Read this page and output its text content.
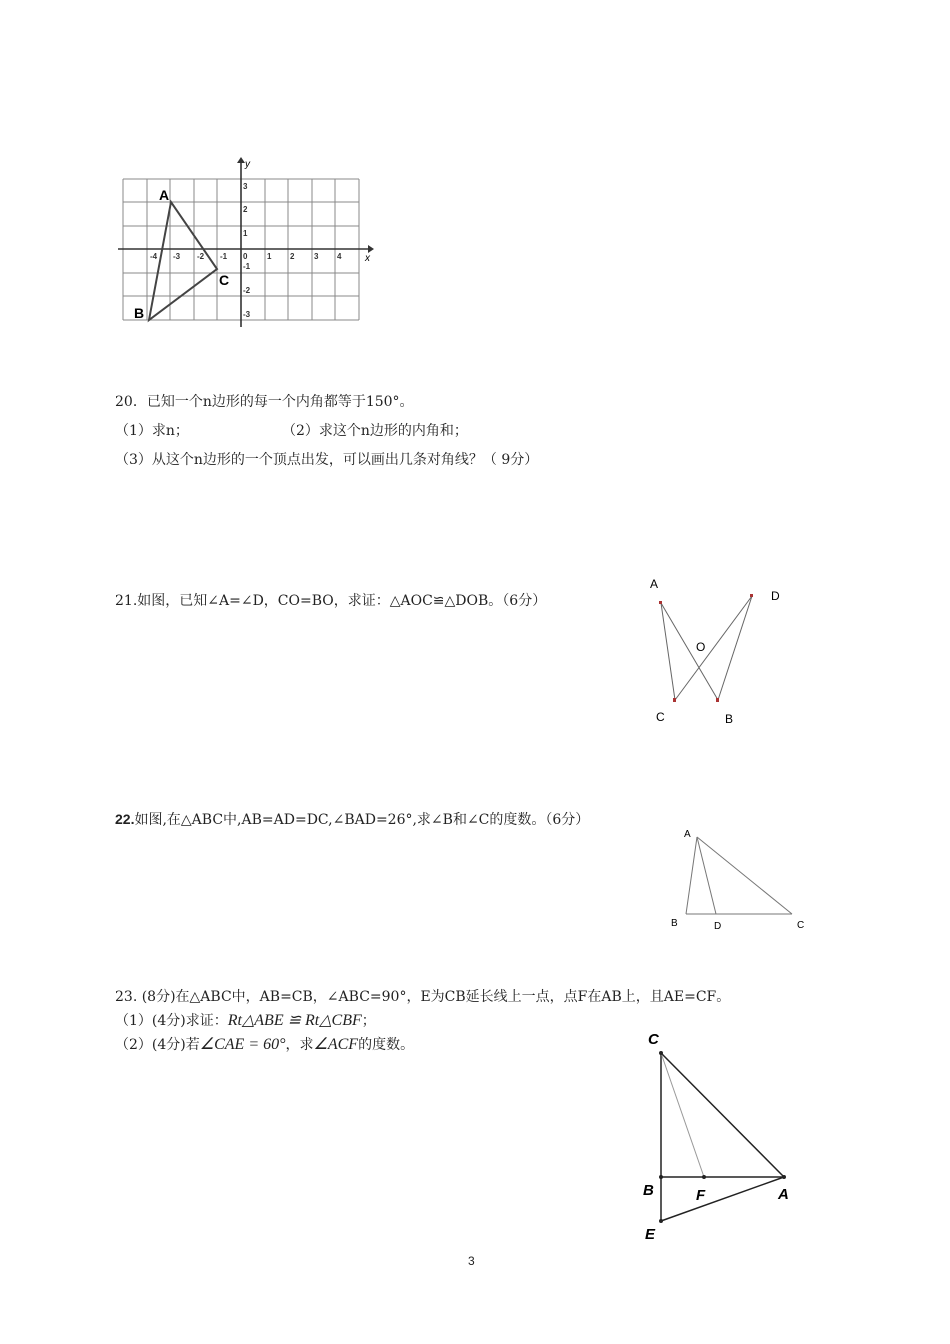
x
y
-4 -3 -2 -1 0 1 2 3 4
3
2
1
-1
-2
-3
A
B
C
20．已知一个n边形的每一个内角都等于150°。
（1）求n；	（2）求这个n边形的内角和；
（3）从这个n边形的一个顶点出发，可以画出几条对角线？（ 9分）
21.如图，已知∠A=∠D，CO=BO，求证：△AOC≌△DOB。（6分）
A
D
O
C	B
22.如图,在△ABC中,AB=AD=DC,∠BAD=26°,求∠B和∠C的度数。（6分）
A
B	D	C
23. (8分)在△ABC中，AB=CB，∠ABC=90°，E为CB延长线上一点，点F在AB上，且AE=CF。
（1）(4分)求证：Rt△ABE ≌ Rt△CBF；
（2）(4分)若∠CAE = 60°，求∠ACF的度数。	C
B	F	A
E
3
